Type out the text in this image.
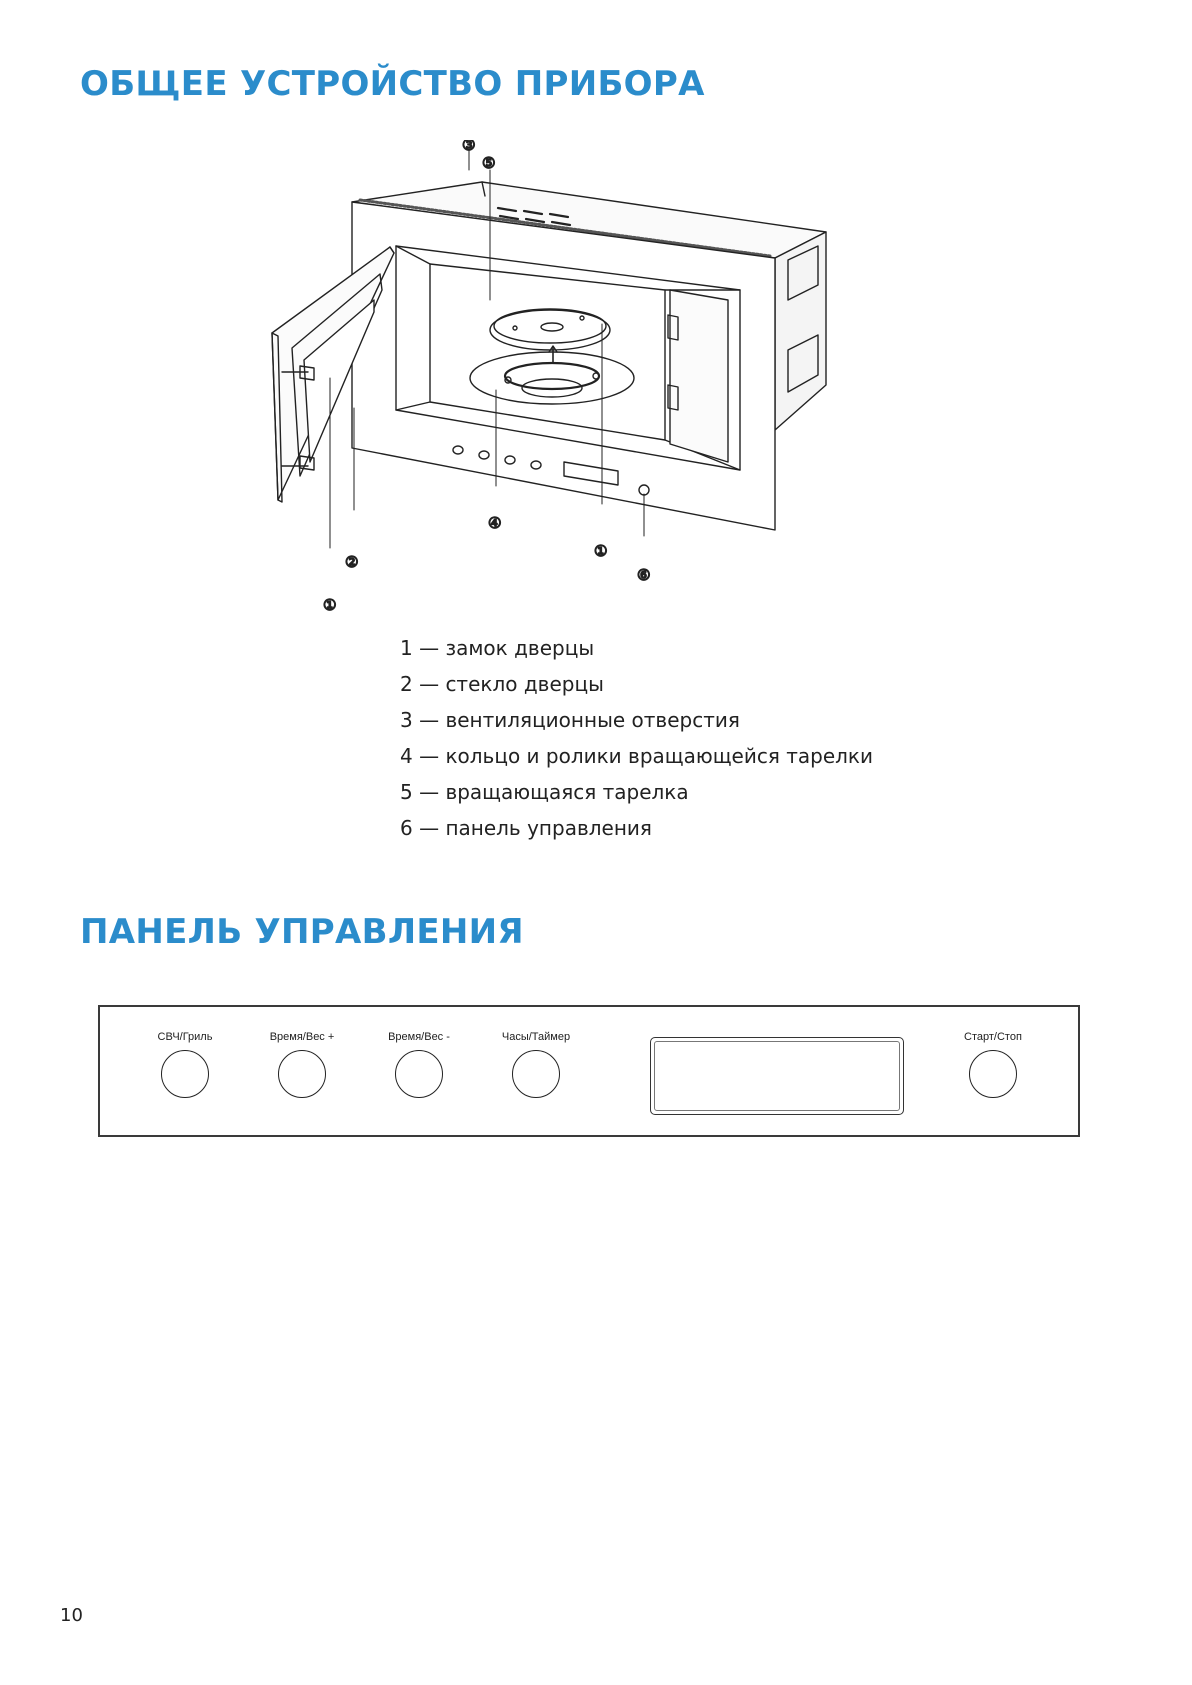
ОБЩЕЕ УСТРОЙСТВО ПРИБОРА
③
⑤
④
②
①
①
⑥
1 — замок дверцы
2 — стекло дверцы
3 — вентиляционные отверстия
4 — кольцо и ролики вращающейся тарелки
5 — вращающаяся тарелка
6 — панель управления
ПАНЕЛЬ УПРАВЛЕНИЯ
СВЧ/Гриль	Время/Вес +	Время/Вес -	Часы/Таймер	Старт/Стоп
10
